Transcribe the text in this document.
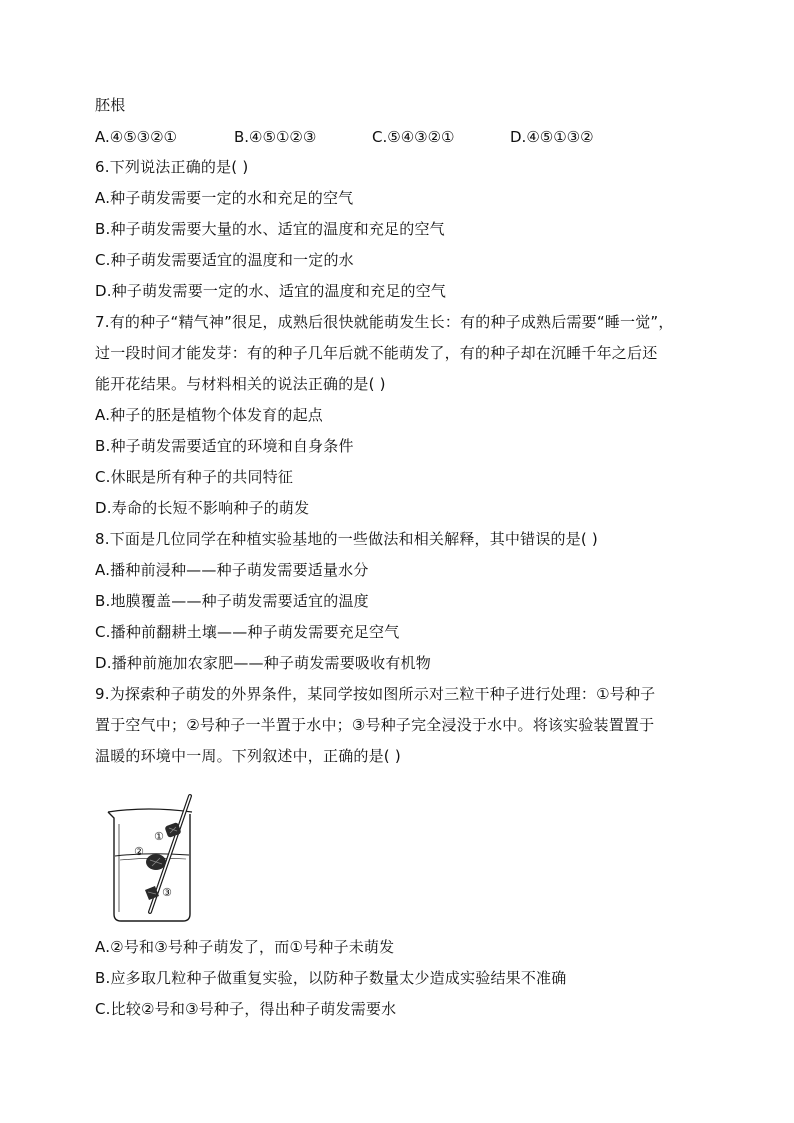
胚根
A.④⑤③②①	B.④⑤①②③	C.⑤④③②①	D.④⑤①③②
6.下列说法正确的是( )
A.种子萌发需要一定的水和充足的空气
B.种子萌发需要大量的水、适宜的温度和充足的空气
C.种子萌发需要适宜的温度和一定的水
D.种子萌发需要一定的水、适宜的温度和充足的空气
7.有的种子“精气神”很足，成熟后很快就能萌发生长：有的种子成熟后需要“睡一觉”，
过一段时间才能发芽：有的种子几年后就不能萌发了，有的种子却在沉睡千年之后还
能开花结果。与材料相关的说法正确的是( )
A.种子的胚是植物个体发育的起点
B.种子萌发需要适宜的环境和自身条件
C.休眠是所有种子的共同特征
D.寿命的长短不影响种子的萌发
8.下面是几位同学在种植实验基地的一些做法和相关解释，其中错误的是( )
A.播种前浸种——种子萌发需要适量水分
B.地膜覆盖——种子萌发需要适宜的温度
C.播种前翻耕土壤——种子萌发需要充足空气
D.播种前施加农家肥——种子萌发需要吸收有机物
9.为探索种子萌发的外界条件，某同学按如图所示对三粒干种子进行处理：①号种子
置于空气中；②号种子一半置于水中；③号种子完全浸没于水中。将该实验装置置于
温暖的环境中一周。下列叙述中，正确的是( )
①
②
③
A.②号和③号种子萌发了，而①号种子未萌发
B.应多取几粒种子做重复实验，以防种子数量太少造成实验结果不准确
C.比较②号和③号种子，得出种子萌发需要水
